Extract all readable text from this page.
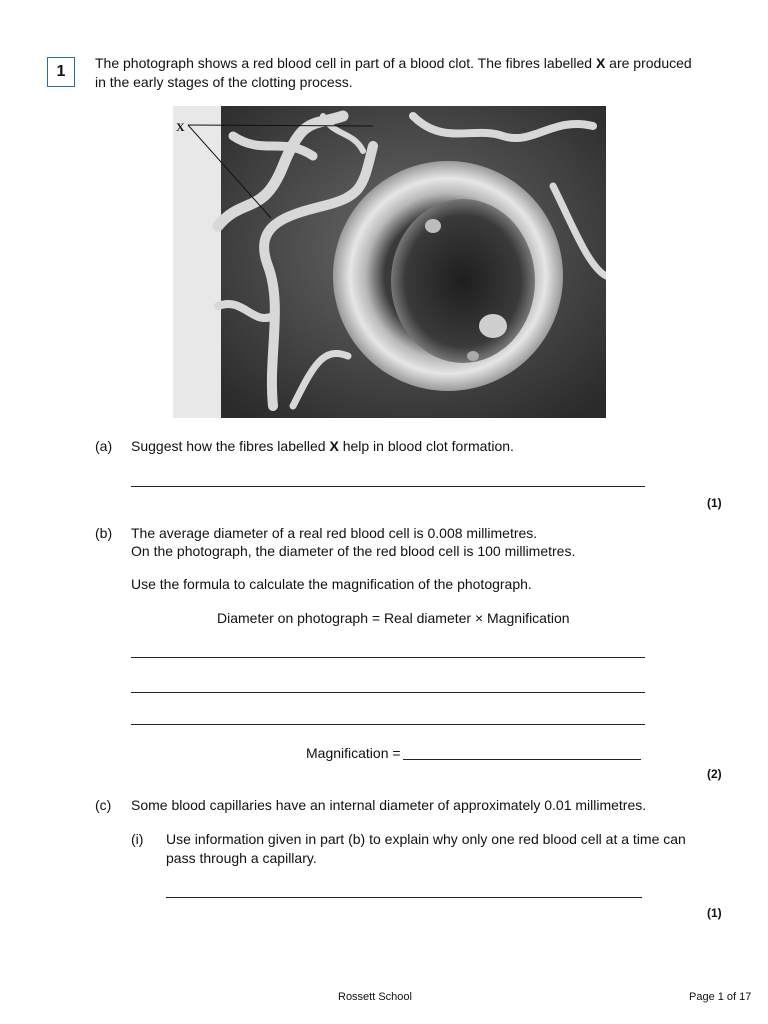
1 The photograph shows a red blood cell in part of a blood clot. The fibres labelled X are produced
in the early stages of the clotting process.
X
(a) Suggest how the fibres labelled X help in blood clot formation.
(1)
(b) The average diameter of a real red blood cell is 0.008 millimetres.
On the photograph, the diameter of the red blood cell is 100 millimetres.
Use the formula to calculate the magnification of the photograph.
Diameter on photograph = Real diameter × Magnification
Magnification =
(2)
(c) Some blood capillaries have an internal diameter of approximately 0.01 millimetres.
(i) Use information given in part (b) to explain why only one red blood cell at a time can
pass through a capillary.
(1)
Rossett School	Page 1 of 17
